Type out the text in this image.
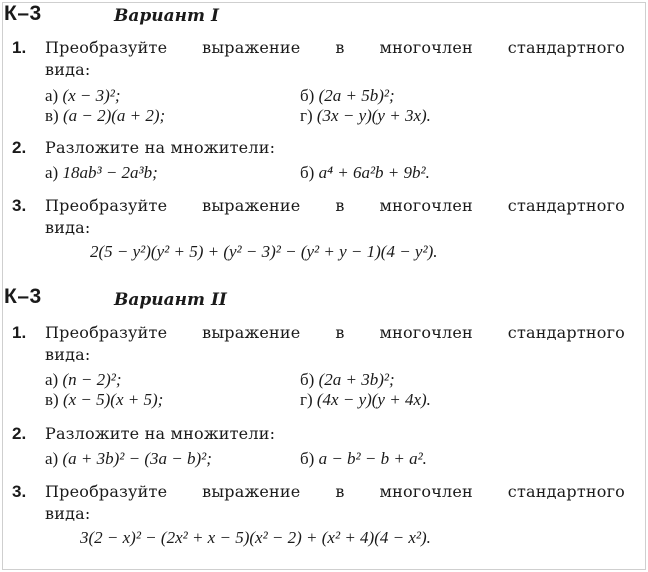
К–3	Вариант I
1. Преобразуйте выражение в многочлен стандартного
вида:
а) (x − 3)²;	б) (2a + 5b)²;
в) (a − 2)(a + 2);	г) (3x − y)(y + 3x).
2. Разложите на множители:
а) 18ab³ − 2a³b;	б) a⁴ + 6a²b + 9b².
3. Преобразуйте выражение в многочлен стандартного
вида:
2(5 − y²)(y² + 5) + (y² − 3)² − (y² + y − 1)(4 − y²).
К–3	Вариант II
1. Преобразуйте выражение в многочлен стандартного
вида:
а) (n − 2)²;	б) (2a + 3b)²;
в) (x − 5)(x + 5);	г) (4x − y)(y + 4x).
2. Разложите на множители:
а) (a + 3b)² − (3a − b)²;	б) a − b² − b + a².
3. Преобразуйте выражение в многочлен стандартного
вида:
3(2 − x)² − (2x² + x − 5)(x² − 2) + (x² + 4)(4 − x²).
